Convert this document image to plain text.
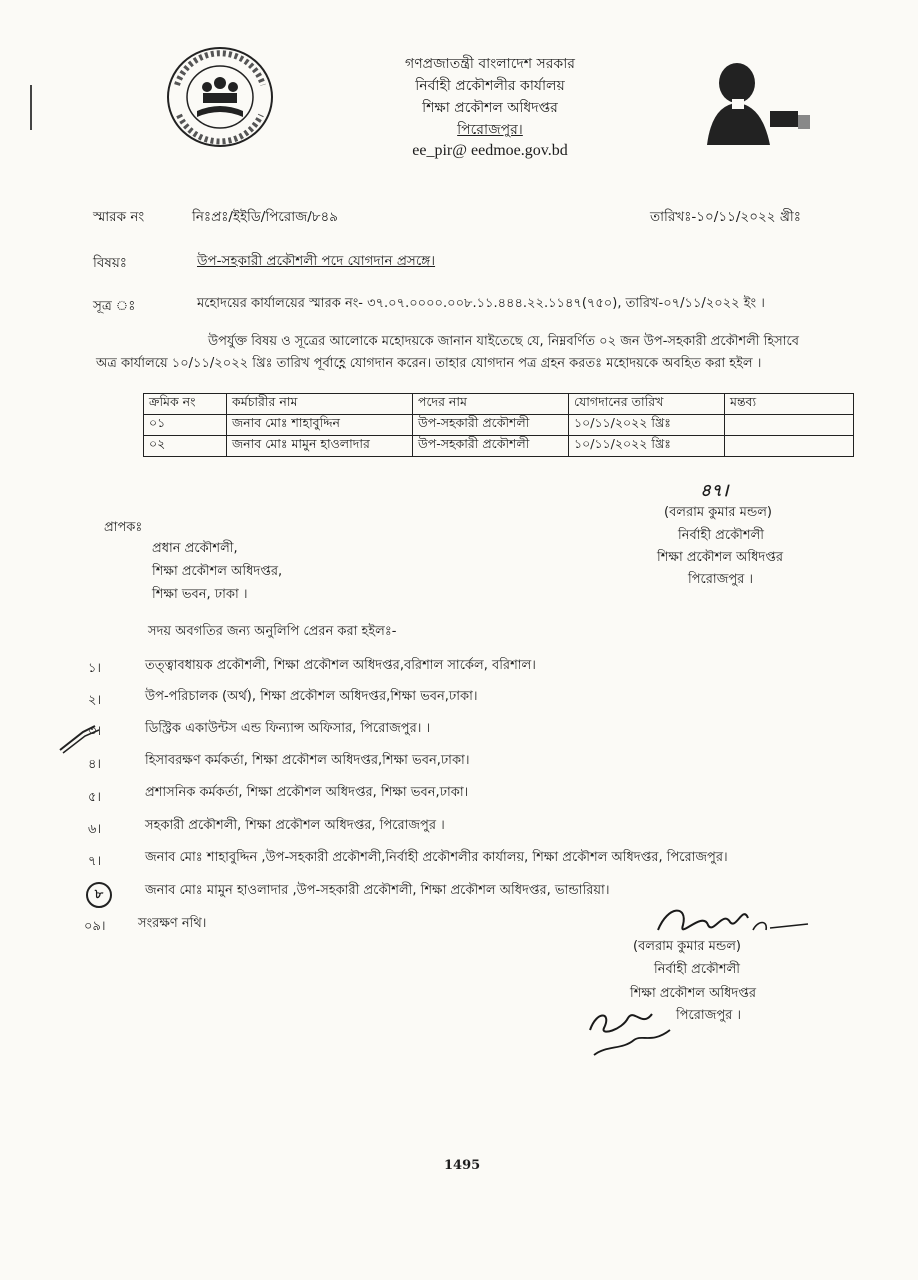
গণপ্রজাতন্ত্রী বাংলাদেশ সরকার
নির্বাহী প্রকৌশলীর কার্যালয়
শিক্ষা প্রকৌশল অধিদপ্তর
পিরোজপুর।
ee_pir@ eedmoe.gov.bd
স্মারক নং	নিঃপ্রঃ/ইইডি/পিরোজ/৮৪৯	তারিখঃ-১০/১১/২০২২ খ্রীঃ
বিষয়ঃ	উপ-সহকারী প্রকৌশলী পদে যোগদান প্রসঙ্গে।
সূত্র ঃ	মহোদয়ের কার্যালয়ের স্মারক নং- ৩৭.০৭.০০০০.০০৮.১১.৪৪৪.২২.১১৪৭(৭৫০), তারিখ-০৭/১১/২০২২ ইং ।
উপর্যুক্ত বিষয় ও সূত্রের আলোকে মহোদয়কে জানান যাইতেছে যে, নিম্নবর্ণিত ০২ জন উপ-সহকারী প্রকৌশলী হিসাবে
অত্র কার্যালয়ে ১০/১১/২০২২ খ্রিঃ তারিখ পূর্বাহ্ণে যোগদান করেন। তাহার যোগদান পত্র গ্রহন করতঃ মহোদয়কে অবহিত করা হইল ।
ক্রমিক নং	কর্মচারীর নাম	পদের নাম	যোগদানের তারিখ	মন্তব্য
০১	জনাব মোঃ শাহাবুদ্দিন	উপ-সহকারী প্রকৌশলী	১০/১১/২০২২ খ্রিঃ	
০২	জনাব মোঃ মামুন হাওলাদার	উপ-সহকারী প্রকৌশলী	১০/১১/২০২২ খ্রিঃ	
৪৭।
(বলরাম কুমার মন্ডল)
নির্বাহী প্রকৌশলী
শিক্ষা প্রকৌশল অধিদপ্তর
পিরোজপুর ।
প্রাপকঃ
প্রধান প্রকৌশলী,
শিক্ষা প্রকৌশল অধিদপ্তর,
শিক্ষা ভবন, ঢাকা ।
সদয় অবগতির জন্য অনুলিপি প্রেরন করা হইলঃ-
১।	তত্ত্বাবধায়ক প্রকৌশলী, শিক্ষা প্রকৌশল অধিদপ্তর,বরিশাল সার্কেল, বরিশাল।
২।	উপ-পরিচালক (অর্থ), শিক্ষা প্রকৌশল অধিদপ্তর,শিক্ষা ভবন,ঢাকা।
৩।	ডিস্ট্রিক একাউন্টস এন্ড ফিন্যান্স অফিসার, পিরোজপুর। ।
৪।	হিসাবরক্ষণ কর্মকর্তা, শিক্ষা প্রকৌশল অধিদপ্তর,শিক্ষা ভবন,ঢাকা।
৫।	প্রশাসনিক কর্মকর্তা, শিক্ষা প্রকৌশল অধিদপ্তর, শিক্ষা ভবন,ঢাকা।
৬।	সহকারী প্রকৌশলী, শিক্ষা প্রকৌশল অধিদপ্তর, পিরোজপুর ।
৭।	জনাব মোঃ শাহাবুদ্দিন ,উপ-সহকারী প্রকৌশলী,নির্বাহী প্রকৌশলীর কার্যালয়, শিক্ষা প্রকৌশল অধিদপ্তর, পিরোজপুর।
৮	জনাব মোঃ মামুন হাওলাদার ,উপ-সহকারী প্রকৌশলী, শিক্ষা প্রকৌশল অধিদপ্তর, ভান্ডারিয়া।
০৯। সংরক্ষণ নথি।
(বলরাম কুমার মন্ডল)
নির্বাহী প্রকৌশলী
শিক্ষা প্রকৌশল অধিদপ্তর
পিরোজপুর ।
1495
